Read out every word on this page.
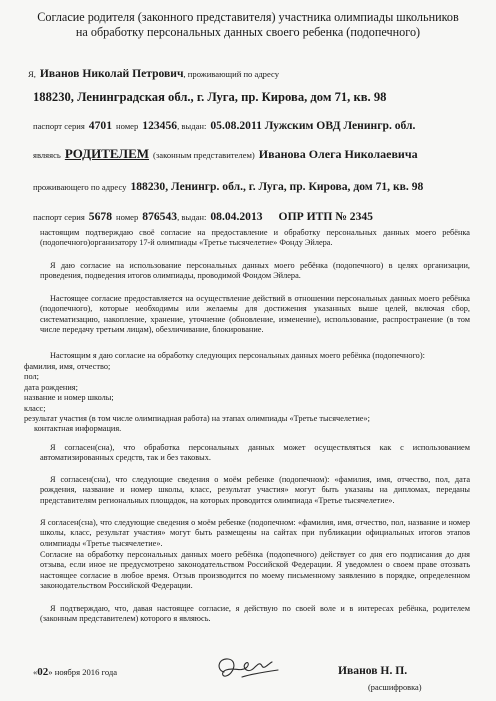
Согласие родителя (законного представителя) участника олимпиады школьников
на обработку персональных данных своего ребенка (подопечного)
Я, Иванов Николай Петрович, проживающий по адресу
188230, Ленинградская обл., г. Луга, пр. Кирова, дом 71, кв. 98
паспорт серия 4701 номер 123456, выдан: 05.08.2011 Лужским ОВД Ленингр. обл.
являясь РОДИТЕЛЕМ (законным представителем) Иванова Олега Николаевича
проживающего по адресу 188230, Ленингр. обл., г. Луга, пр. Кирова, дом 71, кв. 98
паспорт серия 5678 номер 876543, выдан: 08.04.2013 ОПР ИТП № 2345
настоящим подтверждаю своё согласие на предоставление и обработку персональных данных моего ребёнка (подопечного)организатору 17-й олимпиады «Третье тысячелетие» Фонду Эйлера.
Я даю согласие на использование персональных данных моего ребёнка (подопечного) в целях организации, проведения, подведения итогов олимпиады, проводимой Фондом Эйлера.
Настоящее согласие предоставляется на осуществление действий в отношении персональных данных моего ребёнка (подопечного), которые необходимы или желаемы для достижения указанных выше целей, включая сбор, систематизацию, накопление, хранение, уточнение (обновление, изменение), использование, распространение (в том числе передачу третьим лицам), обезличивание, блокирование.
Настоящим я даю согласие на обработку следующих персональных данных моего ребёнка (подопечного):
фамилия, имя, отчество;
пол;
дата рождения;
название и номер школы;
класс;
результат участия (в том числе олимпиадная работа) на этапах олимпиады «Третье тысячелетие»;
контактная информация.
Я согласен(сна), что обработка персональных данных может осуществляться как с использованием автоматизированных средств, так и без таковых.
Я согласен(сна), что следующие сведения о моём ребенке (подопечном): «фамилия, имя, отчество, пол, дата рождения, название и номер школы, класс, результат участия» могут быть указаны на дипломах, переданы представителям региональных площадок, на которых проводится олимпиада «Третье тысячелетие».
Я согласен(сна), что следующие сведения о моём ребенке (подопечном: «фамилия, имя, отчество, пол, название и номер школы, класс, результат участия» могут быть размещены на сайтах при публикации официальных итогов этапов олимпиады «Третье тысячелетие».
Согласие на обработку персональных данных моего ребёнка (подопечного) действует со дня его подписания до дня отзыва, если иное не предусмотрено законодательством Российской Федерации. Я уведомлен о своем праве отозвать настоящее согласие в любое время. Отзыв производится по моему письменному заявлению в порядке, определенном законодательством Российской Федерации.
Я подтверждаю, что, давая настоящее согласие, я действую по своей воле и в интересах ребёнка, родителем (законным представителем) которого я являюсь.
«02» ноября 2016 года	Иванов Н. П.
(расшифровка)
